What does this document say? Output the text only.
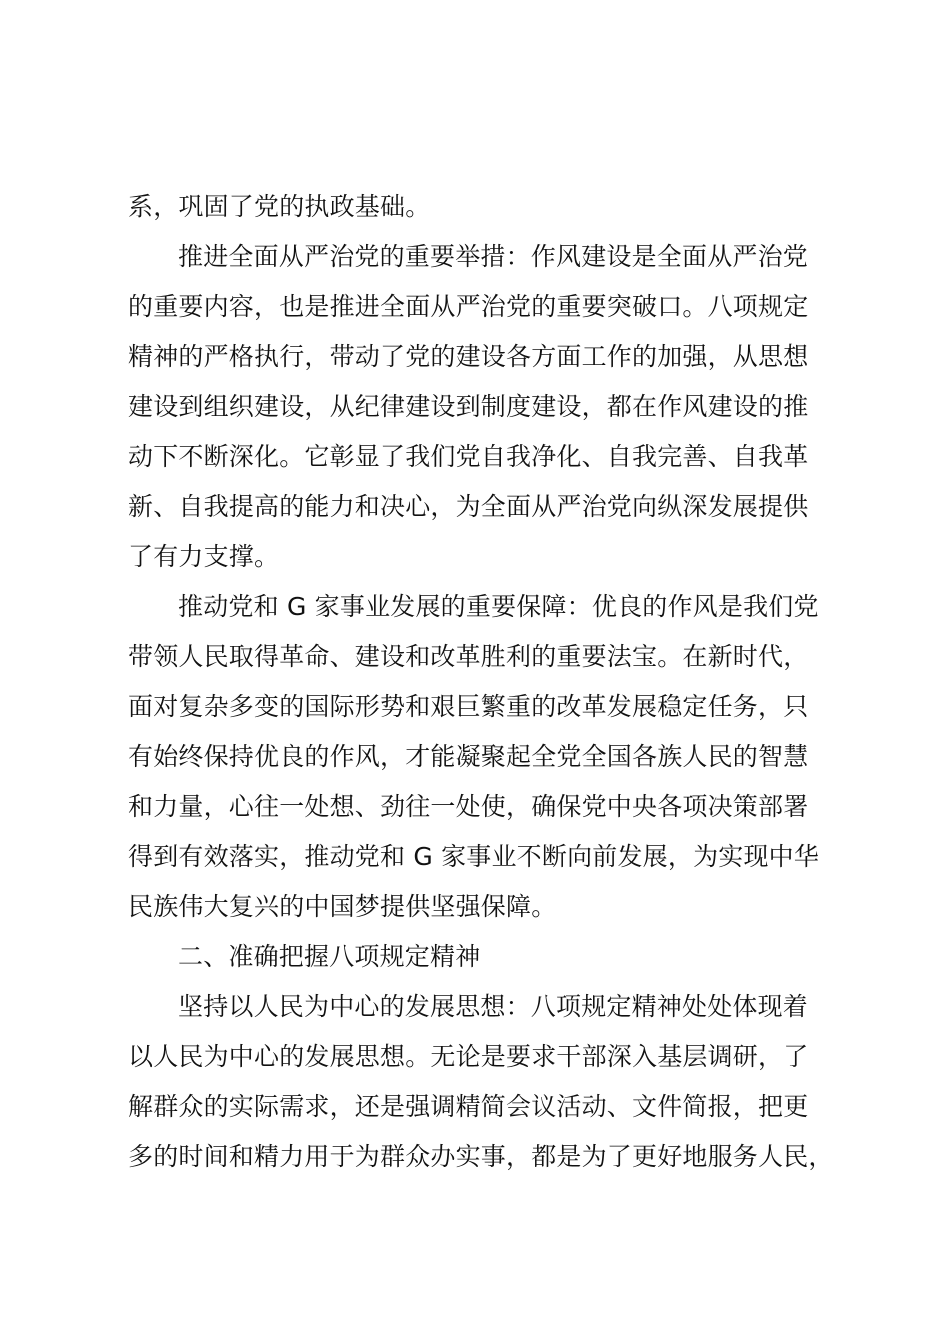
系，巩固了党的执政基础。
推进全面从严治党的重要举措：作风建设是全面从严治党
的重要内容，也是推进全面从严治党的重要突破口。八项规定
精神的严格执行，带动了党的建设各方面工作的加强，从思想
建设到组织建设，从纪律建设到制度建设，都在作风建设的推
动下不断深化。它彰显了我们党自我净化、自我完善、自我革
新、自我提高的能力和决心，为全面从严治党向纵深发展提供
了有力支撑。
推动党和 G 家事业发展的重要保障：优良的作风是我们党
带领人民取得革命、建设和改革胜利的重要法宝。在新时代，
面对复杂多变的国际形势和艰巨繁重的改革发展稳定任务，只
有始终保持优良的作风，才能凝聚起全党全国各族人民的智慧
和力量，心往一处想、劲往一处使，确保党中央各项决策部署
得到有效落实，推动党和 G 家事业不断向前发展，为实现中华
民族伟大复兴的中国梦提供坚强保障。
二、准确把握八项规定精神
坚持以人民为中心的发展思想：八项规定精神处处体现着
以人民为中心的发展思想。无论是要求干部深入基层调研，了
解群众的实际需求，还是强调精简会议活动、文件简报，把更
多的时间和精力用于为群众办实事，都是为了更好地服务人民，
